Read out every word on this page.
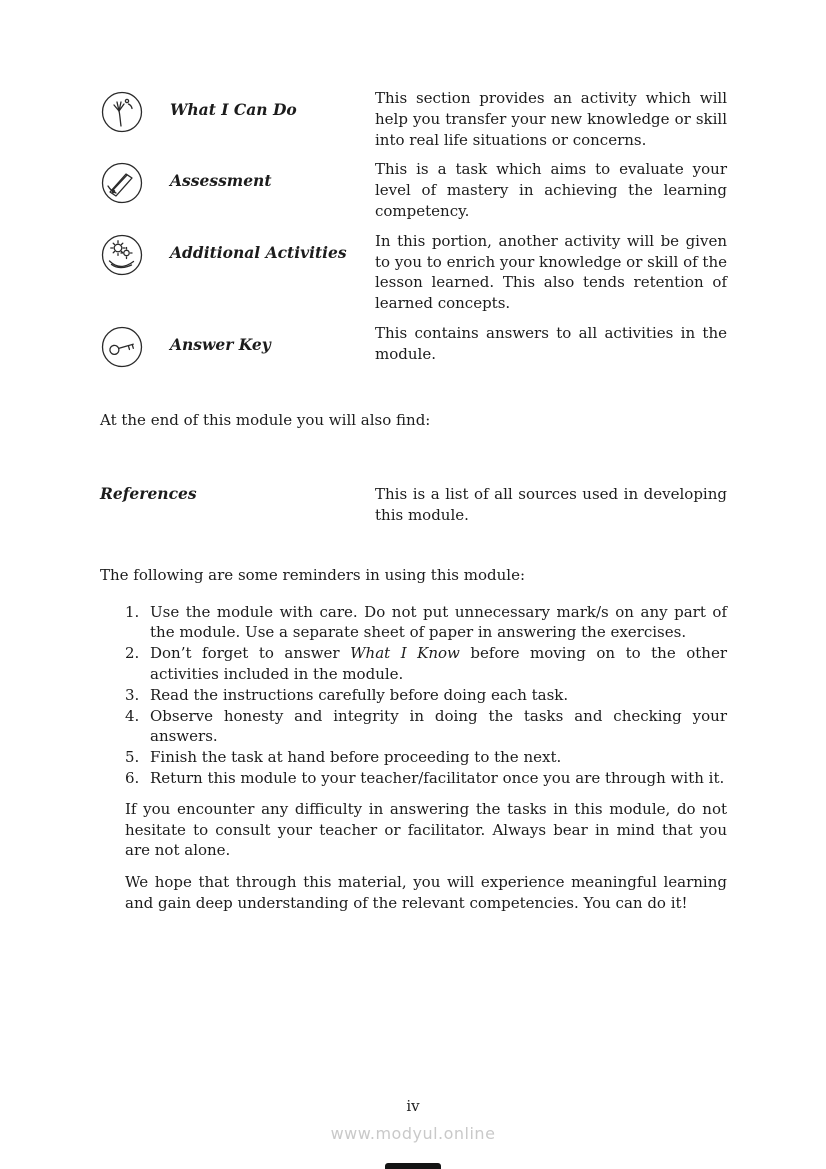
What I Can Do
This section provides an activity which will help you transfer your new knowledge or skill into real life situations or concerns.
Assessment
This is a task which aims to evaluate your level of mastery in achieving the learning competency.
Additional Activities
In this portion, another activity will be given to you to enrich your knowledge or skill of the lesson learned. This also tends retention of learned concepts.
Answer Key
This contains answers to all activities in the module.
At the end of this module you will also find:
References	This is a list of all sources used in developing this module.
The following are some reminders in using this module:
1. Use the module with care. Do not put unnecessary mark/s on any part of the module. Use a separate sheet of paper in answering the exercises.
2. Don’t forget to answer What I Know before moving on to the other activities included in the module.
3. Read the instructions carefully before doing each task.
4. Observe honesty and integrity in doing the tasks and checking your answers.
5. Finish the task at hand before proceeding to the next.
6. Return this module to your teacher/facilitator once you are through with it.

If you encounter any difficulty in answering the tasks in this module, do not hesitate to consult your teacher or facilitator. Always bear in mind that you are not alone.

We hope that through this material, you will experience meaningful learning and gain deep understanding of the relevant competencies. You can do it!

iv
www.modyul.online
